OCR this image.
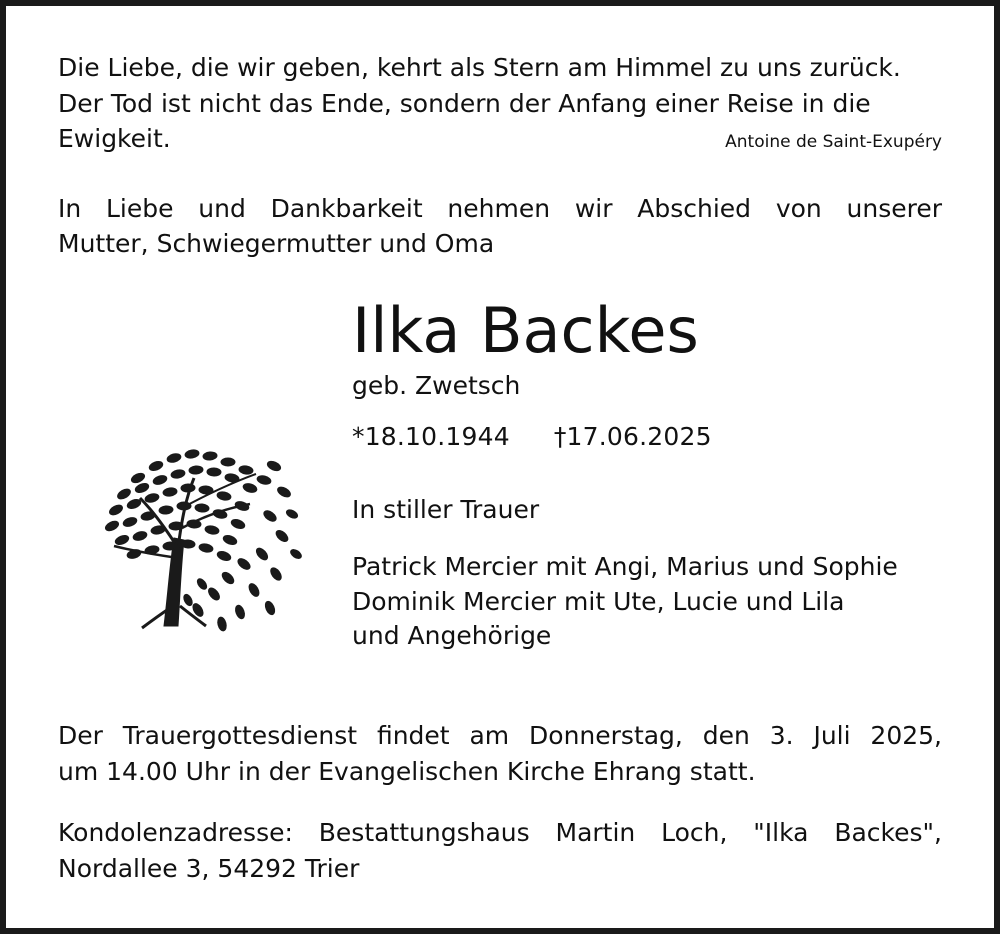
Die Liebe, die wir geben, kehrt als Stern am Himmel zu uns zurück.
Der Tod ist nicht das Ende, sondern der Anfang einer Reise in die
Ewigkeit.	Antoine de Saint-Exupéry
In Liebe und Dankbarkeit nehmen wir Abschied von unserer
Mutter, Schwiegermutter und Oma
Ilka Backes
geb. Zwetsch
*18.10.1944 †17.06.2025
In stiller Trauer
Patrick Mercier mit Angi, Marius und Sophie
Dominik Mercier mit Ute, Lucie und Lila
und Angehörige
Der Trauergottesdienst findet am Donnerstag, den 3. Juli 2025,
um 14.00 Uhr in der Evangelischen Kirche Ehrang statt.
Kondolenzadresse: Bestattungshaus Martin Loch, "Ilka Backes",
Nordallee 3, 54292 Trier
